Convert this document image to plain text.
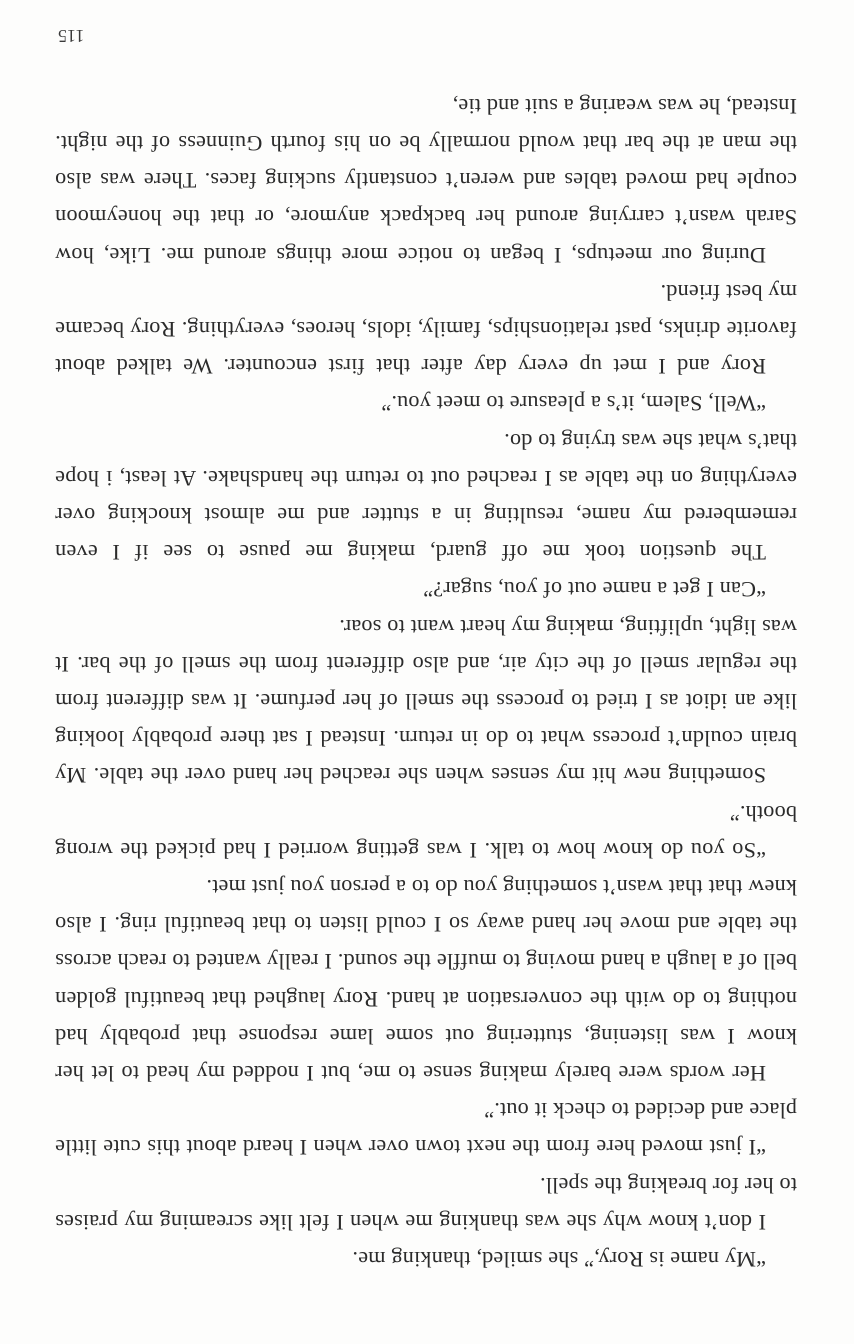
“My name is Rory,” she smiled, thanking me.

I don’t know why she was thanking me when I felt like screaming my praises to her for breaking the spell.

“I just moved here from the next town over when I heard about this cute little place and decided to check it out.”

Her words were barely making sense to me, but I nodded my head to let her know I was listening, stuttering out some lame response that probably had nothing to do with the conversation at hand. Rory laughed that beautiful golden bell of a laugh a hand moving to muffle the sound. I really wanted to reach across the table and move her hand away so I could listen to that beautiful ring. I also knew that that wasn’t something you do to a person you just met.

“So you do know how to talk. I was getting worried I had picked the wrong booth.”

Something new hit my senses when she reached her hand over the table. My brain couldn’t process what to do in return. Instead I sat there probably looking like an idiot as I tried to process the smell of her perfume. It was different from the regular smell of the city air, and also different from the smell of the bar. It was light, uplifting, making my heart want to soar.

“Can I get a name out of you, sugar?”

The question took me off guard, making me pause to see if I even remembered my name, resulting in a stutter and me almost knocking over everything on the table as I reached out to return the handshake. At least, i hope that’s what she was trying to do.

“Well, Salem, it’s a pleasure to meet you.”

Rory and I met up every day after that first encounter. We talked about favorite drinks, past relationships, family, idols, heroes, everything. Rory became my best friend.

During our meetups, I began to notice more things around me. Like, how Sarah wasn’t carrying around her backpack anymore, or that the honeymoon couple had moved tables and weren’t constantly sucking faces. There was also the man at the bar that would normally be on his fourth Guinness of the night. Instead, he was wearing a suit and tie,

115
